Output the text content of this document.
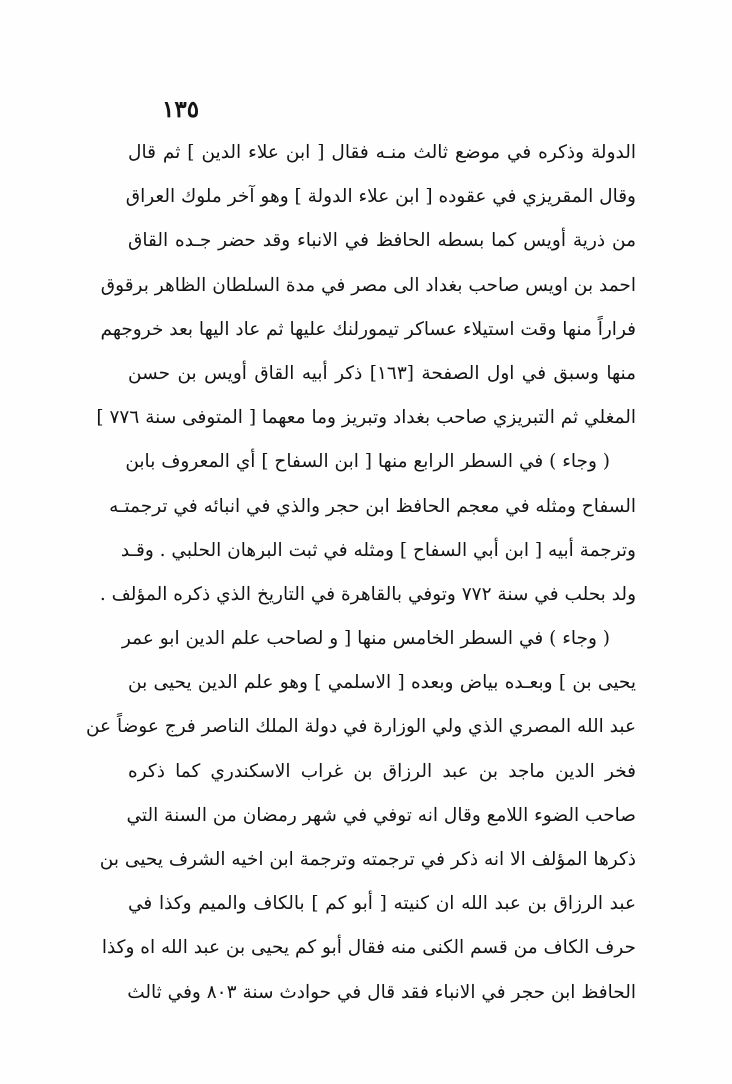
١٣٥
الدولة وذكره في موضع ثالث منـه فقال [ ابن علاء الدين ] ثم قال
وقال المقريزي في عقوده [ ابن علاء الدولة ] وهو آخر ملوك العراق
من ذرية أويس كما بسطه الحافظ في الانباء وقد حضر جـده القاق
احمد بن اويس صاحب بغداد الى مصر في مدة السلطان الظاهر برقوق
فراراً منها وقت استيلاء عساكر تيمورلنك عليها ثم عاد اليها بعد خروجهم
منها وسبق في اول الصفحة [١٦٣] ذكر أبيه القاق أويس بن حسن
المغلي ثم التبريزي صاحب بغداد وتبريز وما معهما [ المتوفى سنة ٧٧٦ ]
( وجاء ) في السطر الرابع منها [ ابن السفاح ] أي المعروف بابن
السفاح ومثله في معجم الحافظ ابن حجر والذي في انبائه في ترجمتـه
وترجمة أبيه [ ابن أبي السفاح ] ومثله في ثبت البرهان الحلبي . وقـد
ولد بحلب في سنة ٧٧٢ وتوفي بالقاهرة في التاريخ الذي ذكره المؤلف .
( وجاء ) في السطر الخامس منها [ و لصاحب علم الدين ابو عمر
يحيى بن ] وبعـده بياض وبعده [ الاسلمي ] وهو علم الدين يحيى بن
عبد الله المصري الذي ولي الوزارة في دولة الملك الناصر فرج عوضاً عن
فخر الدين ماجد بن عبد الرزاق بن غراب الاسكندري كما ذكره
صاحب الضوء اللامع وقال انه توفي في شهر رمضان من السنة التي
ذكرها المؤلف الا انه ذكر في ترجمته وترجمة ابن اخيه الشرف يحيى بن
عبد الرزاق بن عبد الله ان كنيته [ أبو كم ] بالكاف والميم وكذا في
حرف الكاف من قسم الكنى منه فقال أبو كم يحيى بن عبد الله اه وكذا
الحافظ ابن حجر في الانباء فقد قال في حوادث سنة ٨٠٣ وفي ثالث
